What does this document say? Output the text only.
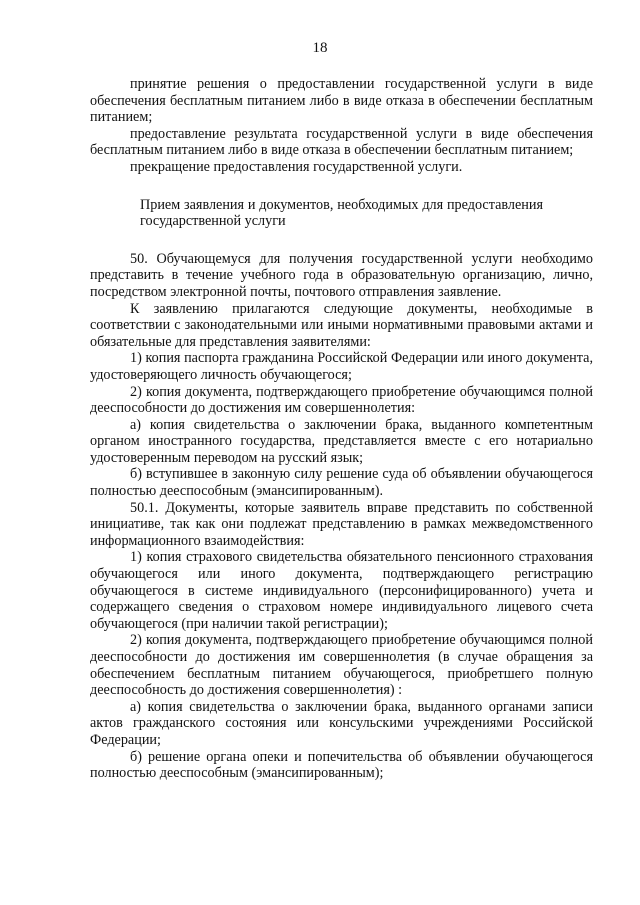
18

принятие решения о предоставлении государственной услуги в виде обеспечения бесплатным питанием либо в виде отказа в обеспечении бесплатным питанием;

предоставление результата государственной услуги в виде обеспечения бесплатным питанием либо в виде отказа в обеспечении бесплатным питанием;

прекращение предоставления государственной услуги.

Прием заявления и документов, необходимых для предоставления государственной услуги

50. Обучающемуся для получения государственной услуги необходимо представить в течение учебного года в образовательную организацию, лично, посредством электронной почты, почтового отправления заявление.

К заявлению прилагаются следующие документы, необходимые в соответствии с законодательными или иными нормативными правовыми актами и обязательные для представления заявителями:

1) копия паспорта гражданина Российской Федерации или иного документа, удостоверяющего личность обучающегося;

2) копия документа, подтверждающего приобретение обучающимся полной дееспособности до достижения им совершеннолетия:

а) копия свидетельства о заключении брака, выданного компетентным органом иностранного государства, представляется вместе с его нотариально удостоверенным переводом на русский язык;

б) вступившее в законную силу решение суда об объявлении обучающегося полностью дееспособным (эмансипированным).

50.1. Документы, которые заявитель вправе представить по собственной инициативе, так как они подлежат представлению в рамках межведомственного информационного взаимодействия:

1) копия страхового свидетельства обязательного пенсионного страхования обучающегося или иного документа, подтверждающего регистрацию обучающегося в системе индивидуального (персонифицированного) учета и содержащего сведения о страховом номере индивидуального лицевого счета обучающегося (при наличии такой регистрации);

2) копия документа, подтверждающего приобретение обучающимся полной дееспособности до достижения им совершеннолетия (в случае обращения за обеспечением бесплатным питанием обучающегося, приобретшего полную дееспособность до достижения совершеннолетия) :

а) копия свидетельства о заключении брака, выданного органами записи актов гражданского состояния или консульскими учреждениями Российской Федерации;

б) решение органа опеки и попечительства об объявлении обучающегося полностью дееспособным (эмансипированным);
